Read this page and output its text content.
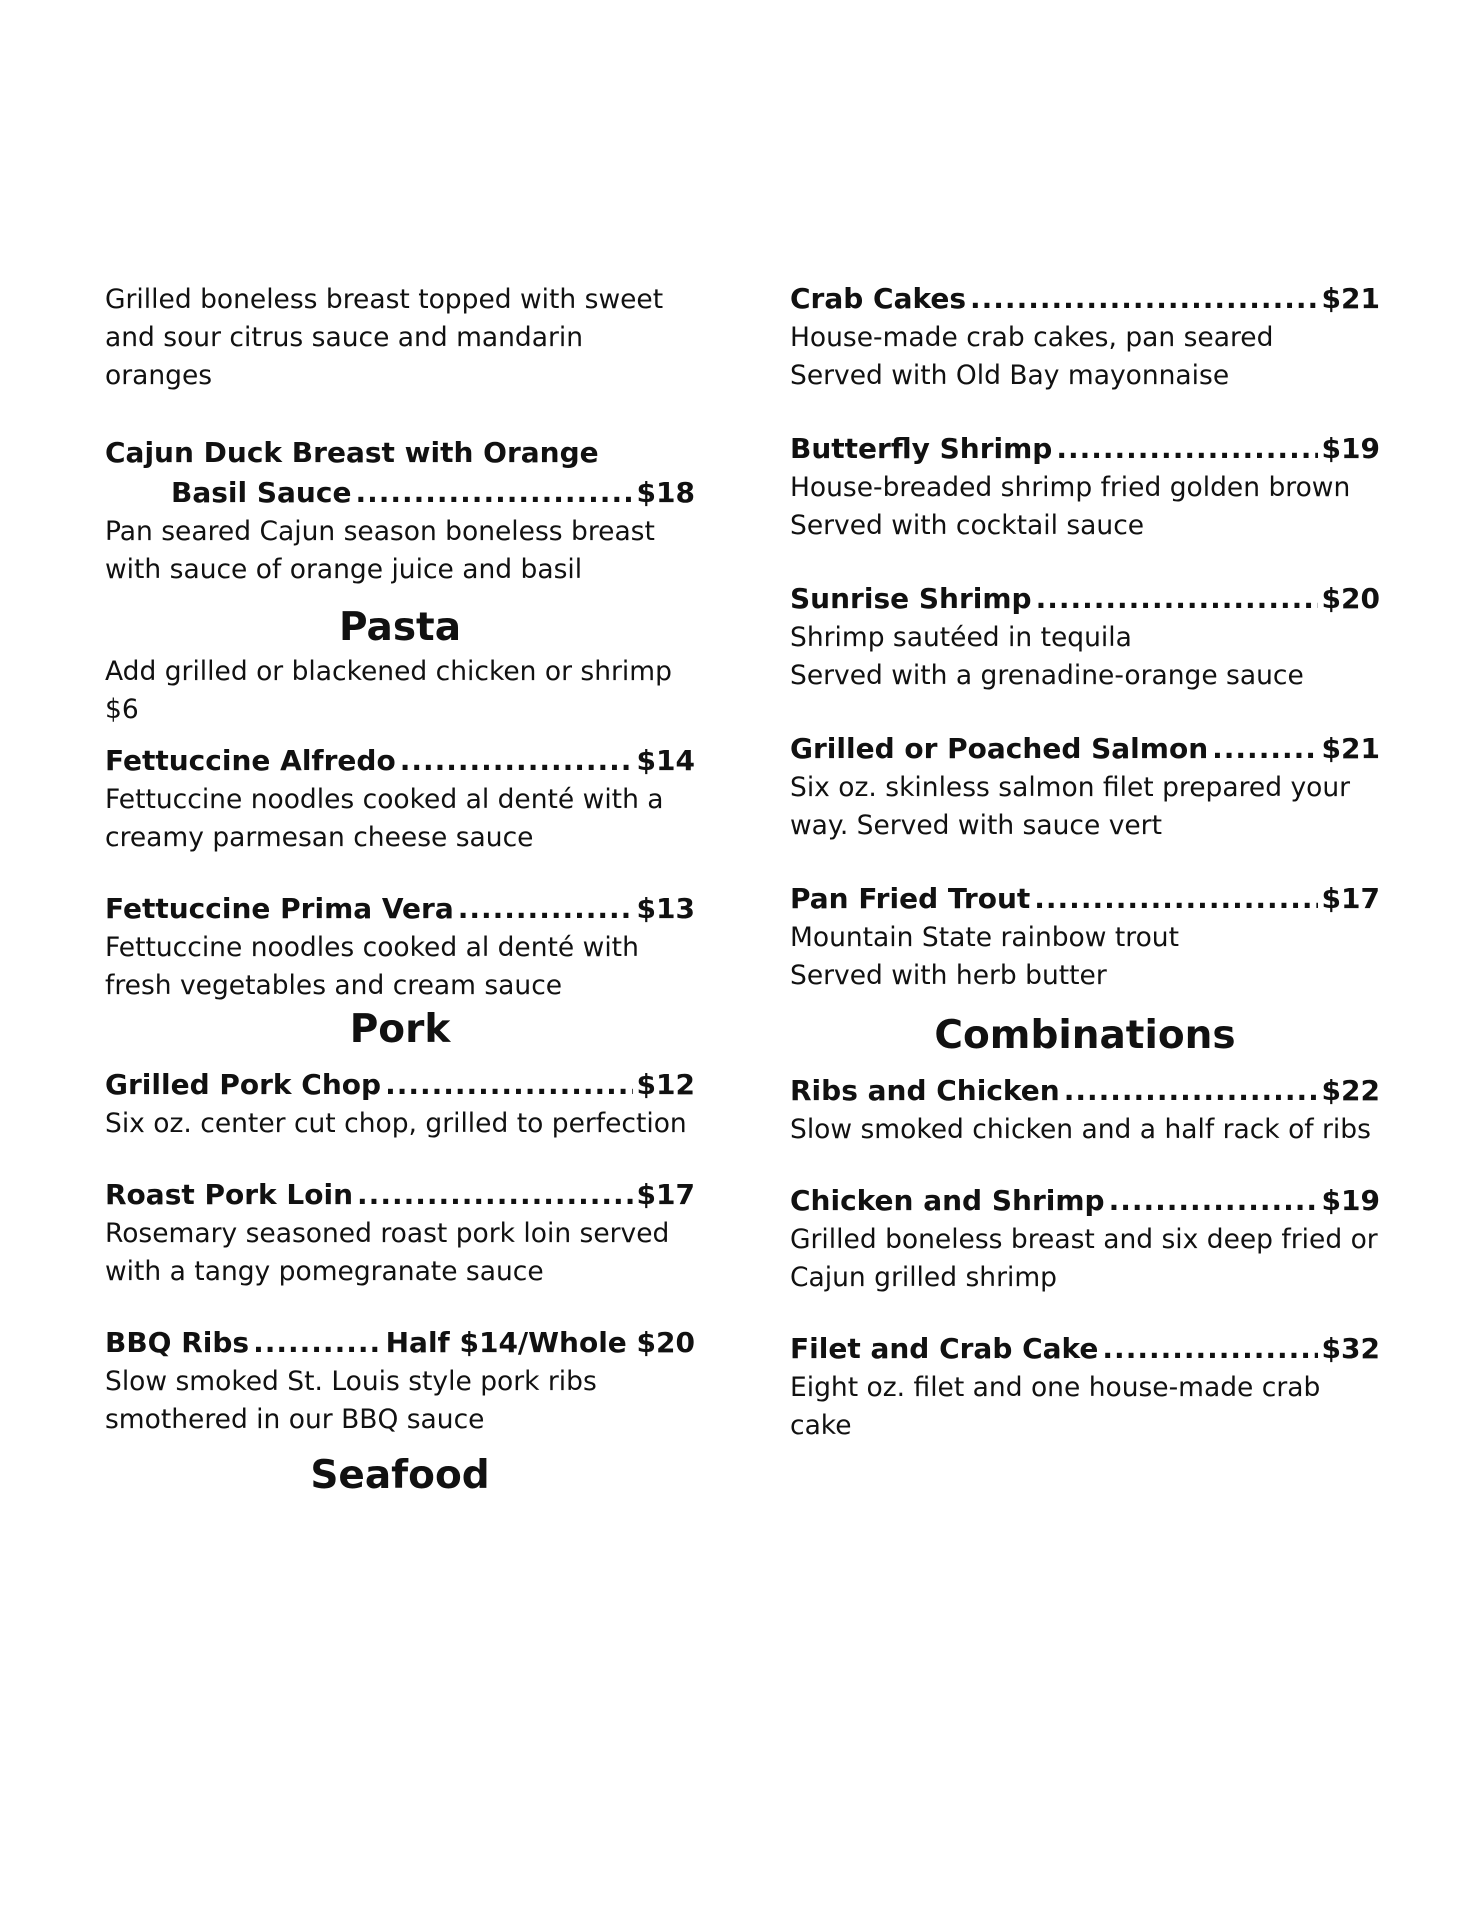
Grilled boneless breast topped with sweet
and sour citrus sauce and mandarin oranges

Cajun Duck Breast with Orange
Basil Sauce .....	$18

Pan seared Cajun season boneless breast
with sauce of orange juice and basil

Pasta

Add grilled or blackened chicken or shrimp
$6

Fettuccine Alfredo .....	$14

Fettuccine noodles cooked al denté with a
creamy parmesan cheese sauce

Fettuccine Prima Vera .....	$13

Fettuccine noodles cooked al denté with
fresh vegetables and cream sauce

Pork
Grilled Pork Chop .....	$12

Six oz. center cut chop, grilled to perfection

Roast Pork Loin .....	$17

Rosemary seasoned roast pork loin served
with a tangy pomegranate sauce

BBQ Ribs .....	Half $14/Whole $20

Slow smoked St. Louis style pork ribs
smothered in our BBQ sauce

Seafood
Crab Cakes .....	$21

House-made crab cakes, pan seared
Served with Old Bay mayonnaise

Butterfly Shrimp .....	$19

House-breaded shrimp fried golden brown
Served with cocktail sauce

Sunrise Shrimp .....	$20

Shrimp sautéed in tequila
Served with a grenadine-orange sauce

Grilled or Poached Salmon .....	$21

Six oz. skinless salmon filet prepared your
way. Served with sauce vert

Pan Fried Trout .....	$17

Mountain State rainbow trout
Served with herb butter

Combinations
Ribs and Chicken .....	$22

Slow smoked chicken and a half rack of ribs

Chicken and Shrimp .....	$19

Grilled boneless breast and six deep fried or
Cajun grilled shrimp

Filet and Crab Cake .....	$32

Eight oz. filet and one house-made crab cake
